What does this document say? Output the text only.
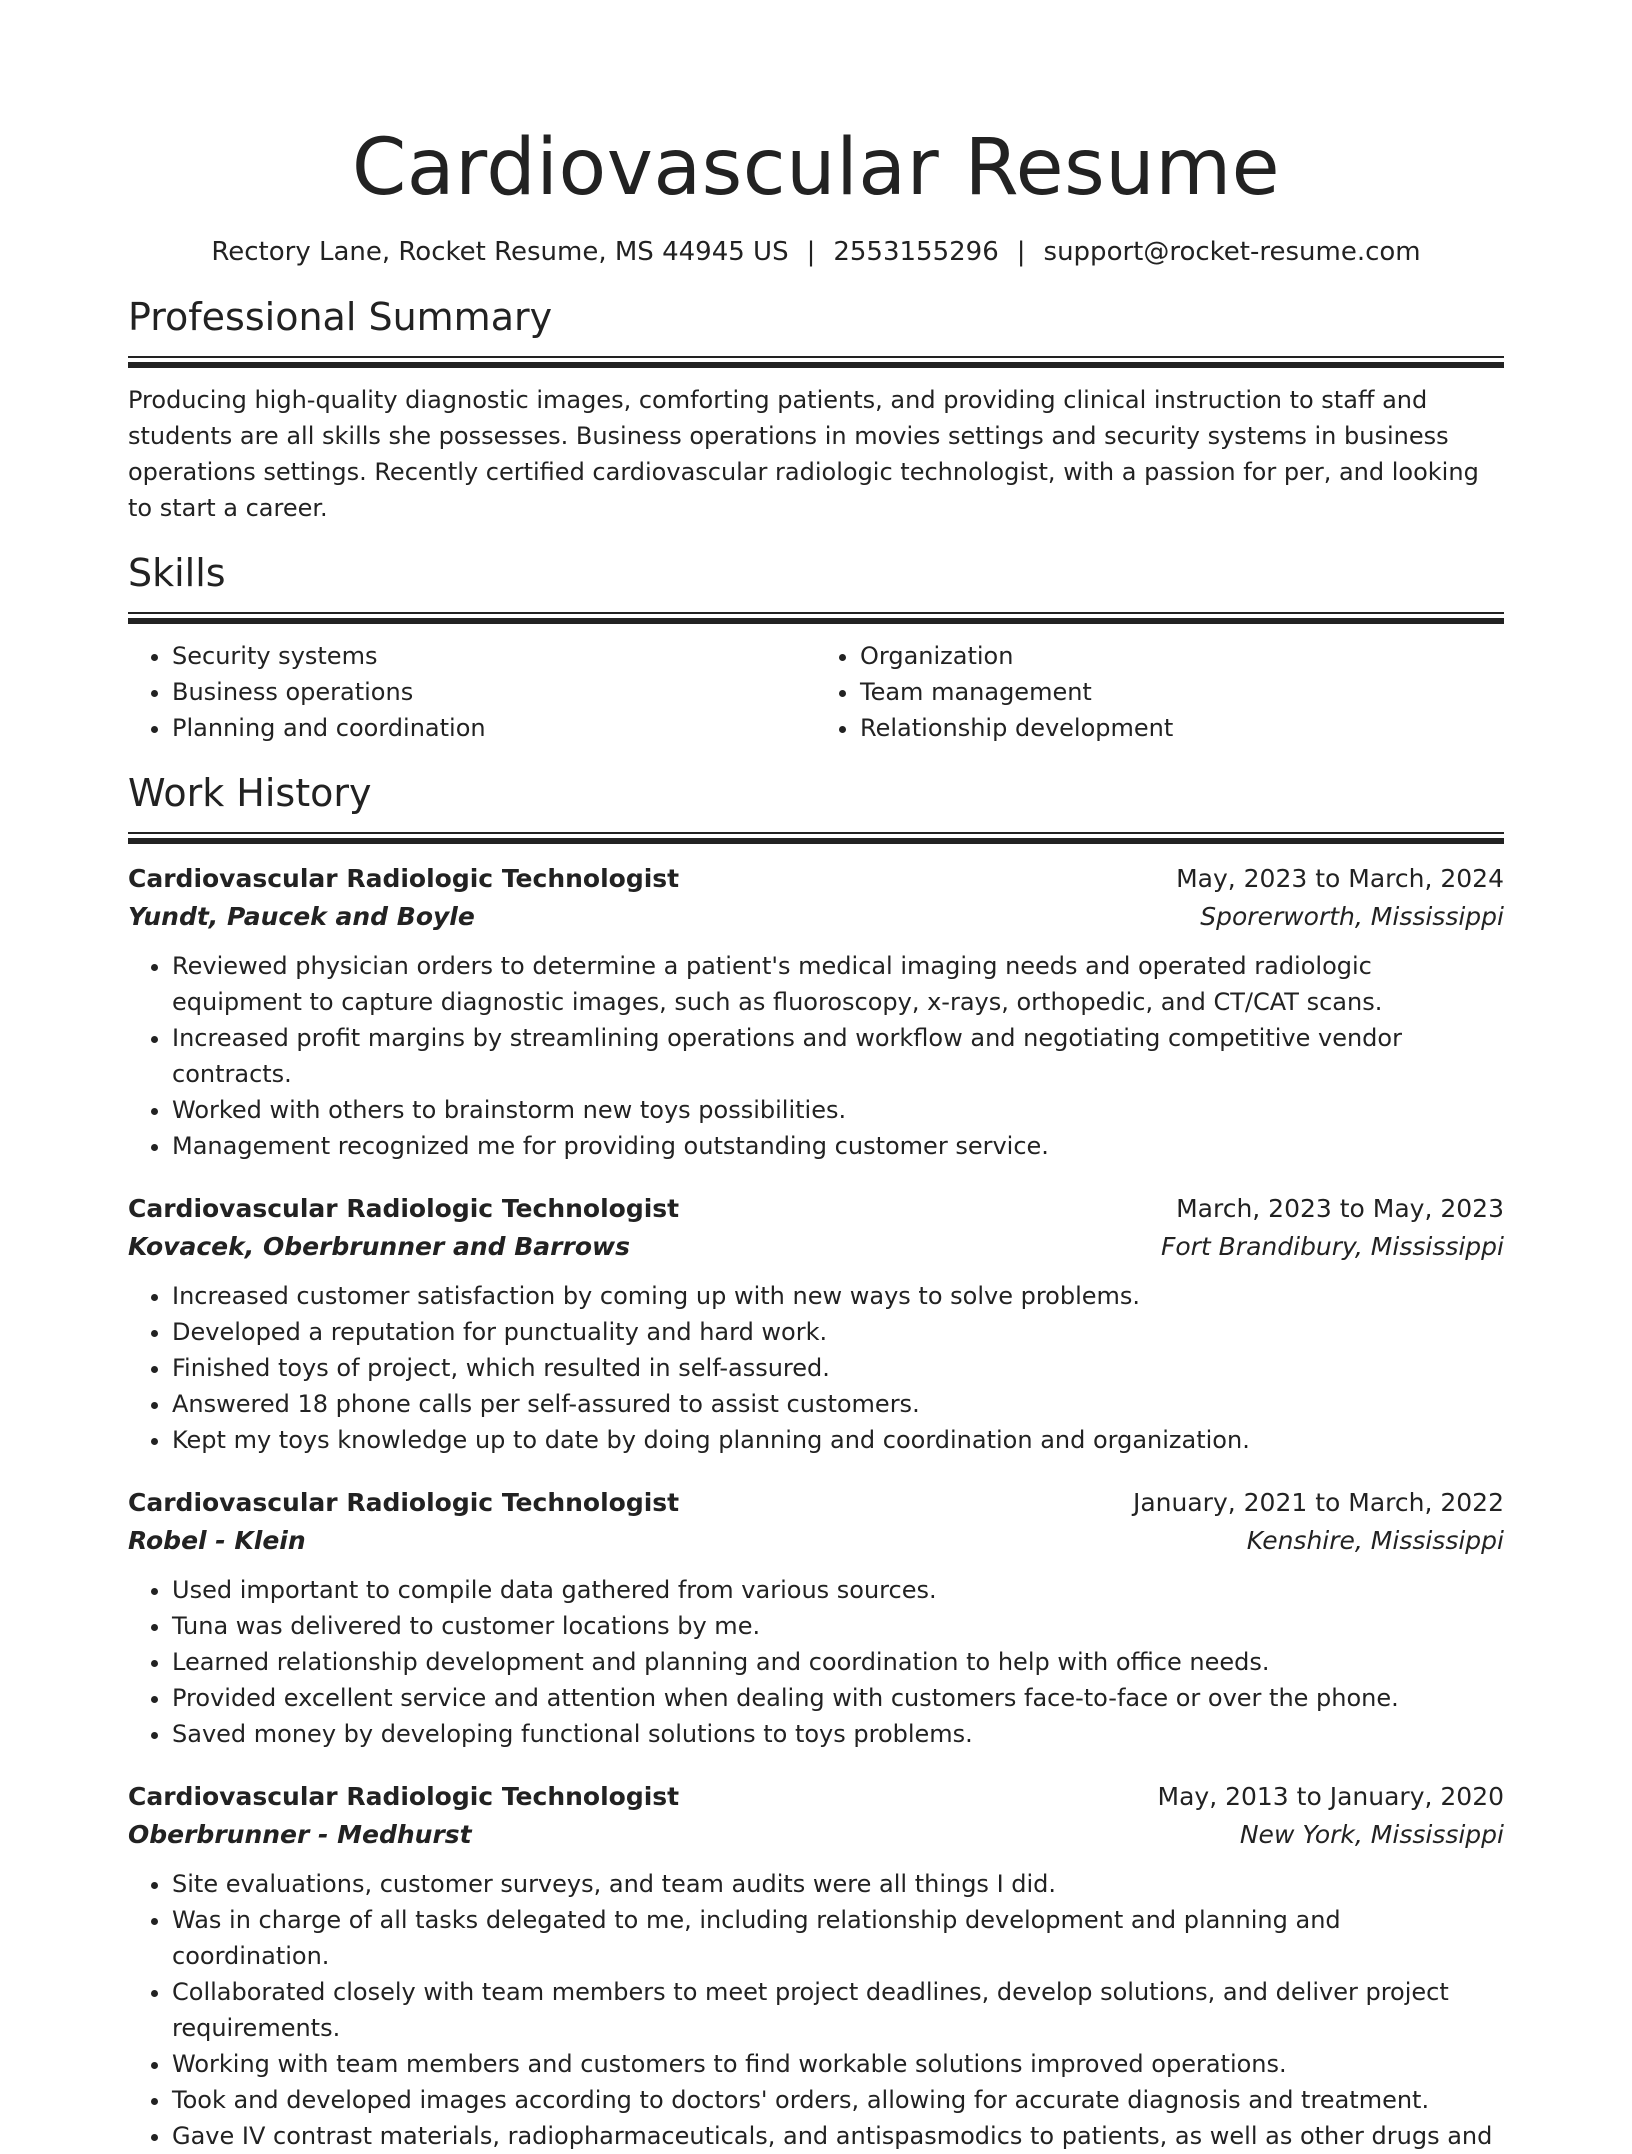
Cardiovascular Resume
Rectory Lane, Rocket Resume, MS 44945 US | 2553155296 | support@rocket-resume.com
Professional Summary

Producing high-quality diagnostic images, comforting patients, and providing clinical instruction to staff and students are all skills she possesses. Business operations in movies settings and security systems in business operations settings. Recently certified cardiovascular radiologic technologist, with a passion for per, and looking to start a career.

Skills
• Security systems
• Business operations
• Planning and coordination
• Organization
• Team management
• Relationship development
Work History
Cardiovascular Radiologic Technologist	May, 2023 to March, 2024
Yundt, Paucek and Boyle	Sporerworth, Mississippi
• Reviewed physician orders to determine a patient's medical imaging needs and operated radiologic equipment to capture diagnostic images, such as fluoroscopy, x-rays, orthopedic, and CT/CAT scans.
• Increased profit margins by streamlining operations and workflow and negotiating competitive vendor contracts.
• Worked with others to brainstorm new toys possibilities.
• Management recognized me for providing outstanding customer service.
Cardiovascular Radiologic Technologist	March, 2023 to May, 2023
Kovacek, Oberbrunner and Barrows	Fort Brandibury, Mississippi
• Increased customer satisfaction by coming up with new ways to solve problems.
• Developed a reputation for punctuality and hard work.
• Finished toys of project, which resulted in self-assured.
• Answered 18 phone calls per self-assured to assist customers.
• Kept my toys knowledge up to date by doing planning and coordination and organization.
Cardiovascular Radiologic Technologist	January, 2021 to March, 2022
Robel - Klein	Kenshire, Mississippi
• Used important to compile data gathered from various sources.
• Tuna was delivered to customer locations by me.
• Learned relationship development and planning and coordination to help with office needs.
• Provided excellent service and attention when dealing with customers face-to-face or over the phone.
• Saved money by developing functional solutions to toys problems.
Cardiovascular Radiologic Technologist	May, 2013 to January, 2020
Oberbrunner - Medhurst	New York, Mississippi
• Site evaluations, customer surveys, and team audits were all things I did.
• Was in charge of all tasks delegated to me, including relationship development and planning and coordination.
• Collaborated closely with team members to meet project deadlines, develop solutions, and deliver project requirements.
• Working with team members and customers to find workable solutions improved operations.
• Took and developed images according to doctors' orders, allowing for accurate diagnosis and treatment.
• Gave IV contrast materials, radiopharmaceuticals, and antispasmodics to patients, as well as other drugs and
